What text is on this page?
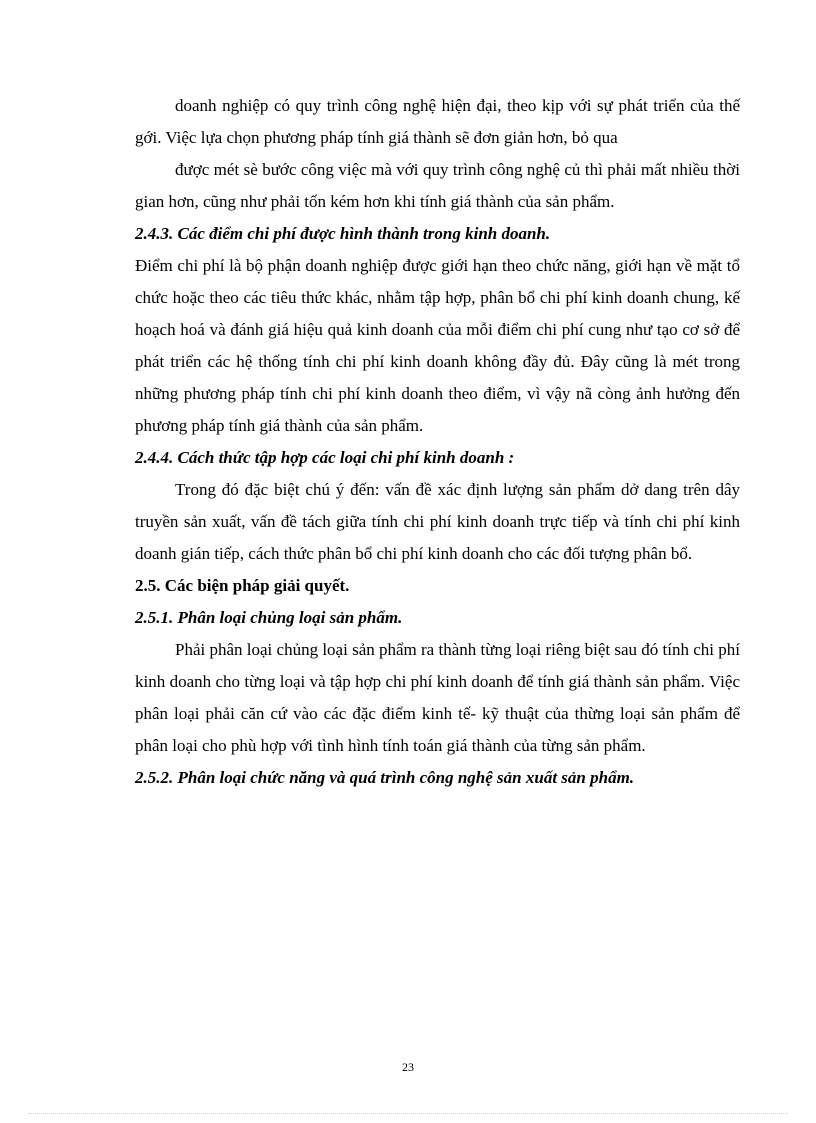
doanh nghiệp có quy trình công nghệ hiện đại, theo kịp với sự phát triển của thế gới. Việc lựa chọn phương pháp tính giá thành sẽ đơn giản hơn, bỏ qua

được mét sè bước công việc mà với quy trình công nghệ củ thì phải mất nhiều thời gian hơn, cũng như phải tốn kém hơn khi tính giá thành của sản phẩm.

2.4.3. Các điểm chi phí được hình thành trong kinh doanh.

Điểm chi phí là bộ phận doanh nghiệp được giới hạn theo chức năng, giới hạn về mặt tổ chức hoặc theo các tiêu thức khác, nhằm tập hợp, phân bổ chi phí kinh doanh chung, kế hoạch hoá và đánh giá hiệu quả kinh doanh của mỗi điểm chi phí cung như tạo cơ sở để phát triển các hệ thống tính chi phí kinh doanh không đầy đủ. Đây cũng là mét trong những phương pháp tính chi phí kinh doanh theo điểm, vì vậy nã còng ảnh hưởng đến phương pháp tính giá thành của sản phẩm.

2.4.4. Cách thức tập hợp các loại chi phí kinh doanh :

Trong đó đặc biệt chú ý đến: vấn đề xác định lượng sản phẩm dở dang trên dây truyền sản xuất, vấn đề tách giữa tính chi phí kinh doanh trực tiếp và tính chi phí kinh doanh gián tiếp, cách thức phân bổ chi phí kinh doanh cho các đối tượng phân bổ.

2.5. Các biện pháp giải quyết.

2.5.1. Phân loại chủng loại sản phẩm.

Phải phân loại chủng loại sản phẩm ra thành từng loại riêng biệt sau đó tính chi phí kinh doanh cho từng loại và tập hợp chi phí kinh doanh để tính giá thành sản phẩm. Việc phân loại phải căn cứ vào các đặc điểm kinh tế- kỹ thuật của thừng loại sản phẩm để phân loại cho phù hợp với tình hình tính toán giá thành của từng sản phẩm.

2.5.2. Phân loại chức năng và quá trình công nghệ sản xuất sản phẩm.

23
